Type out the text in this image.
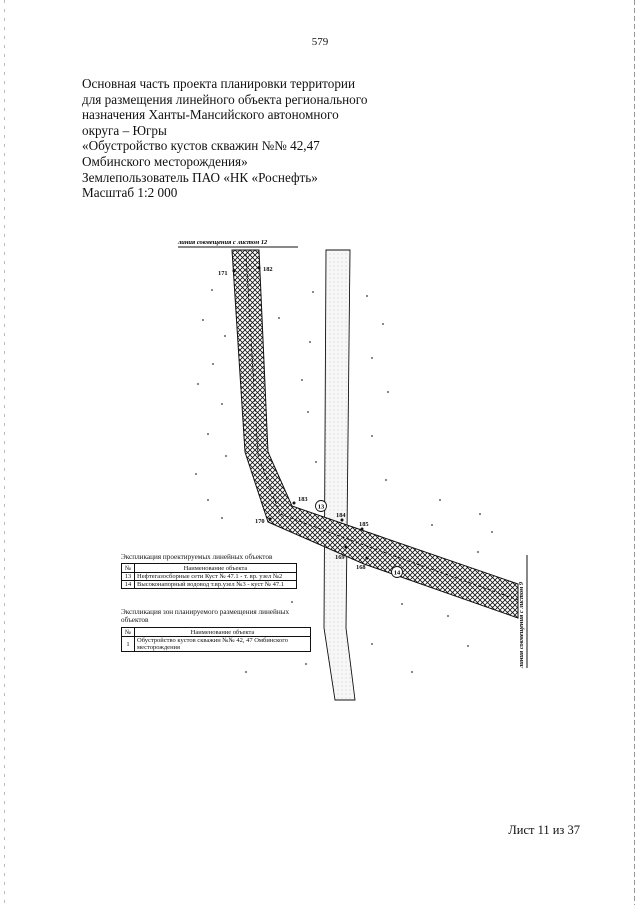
579
Основная часть проекта планировки территории
для размещения линейного объекта регионального
назначения Ханты-Мансийского автономного
округа – Югры
«Обустройство кустов скважин №№ 42,47
Омбинского месторождения»
Землепользователь ПАО «НК «Роснефть»
Масштаб 1:2 000
линия совмещения с листом 12
линия совмещения с листом 9
171
182
183
170
184
185
169
168
13
14
Экспликация проектируемых линейных объектов
№	Наименование объекта
13	Нефтегазосборные сети Куст № 47.1 - т. вр. узел №2
14	Высоконапорный водовод т.вр.узел №3 - куст № 47.1
Экспликация зон планируемого размещения линейных
объектов
№	Наименование объекта
1	Обустройство кустов скважин №№ 42, 47 Омбинского месторождения
Лист 11 из 37
